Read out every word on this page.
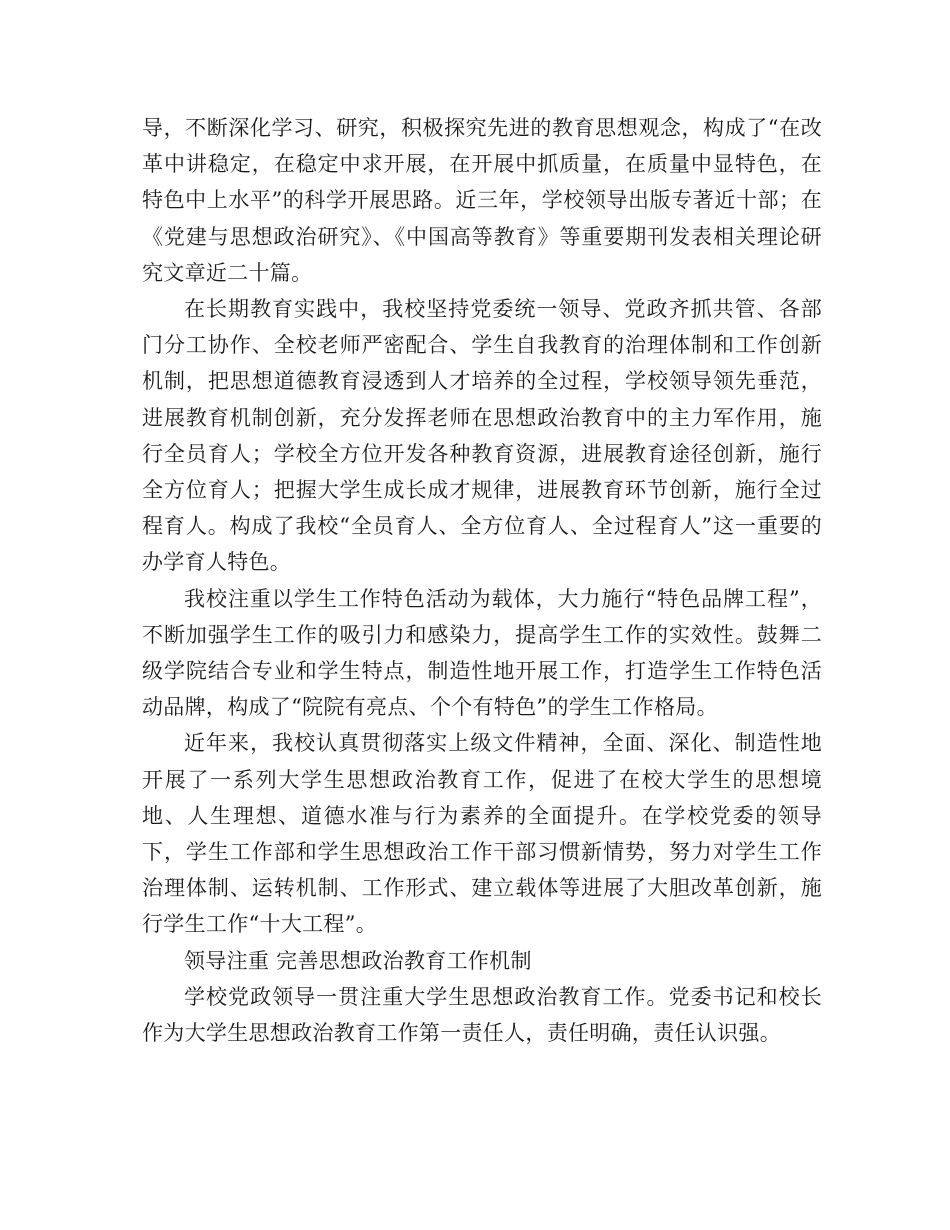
导，不断深化学习、研究，积极探究先进的教育思想观念，构成了“在改革中讲稳定，在稳定中求开展，在开展中抓质量，在质量中显特色，在特色中上水平”的科学开展思路。近三年，学校领导出版专著近十部；在《党建与思想政治研究》、《中国高等教育》等重要期刊发表相关理论研究文章近二十篇。

在长期教育实践中，我校坚持党委统一领导、党政齐抓共管、各部门分工协作、全校老师严密配合、学生自我教育的治理体制和工作创新机制，把思想道德教育浸透到人才培养的全过程，学校领导领先垂范，进展教育机制创新，充分发挥老师在思想政治教育中的主力军作用，施行全员育人；学校全方位开发各种教育资源，进展教育途径创新，施行全方位育人；把握大学生成长成才规律，进展教育环节创新，施行全过程育人。构成了我校“全员育人、全方位育人、全过程育人”这一重要的办学育人特色。

我校注重以学生工作特色活动为载体，大力施行“特色品牌工程”，不断加强学生工作的吸引力和感染力，提高学生工作的实效性。鼓舞二级学院结合专业和学生特点，制造性地开展工作，打造学生工作特色活动品牌，构成了“院院有亮点、个个有特色”的学生工作格局。

近年来，我校认真贯彻落实上级文件精神，全面、深化、制造性地开展了一系列大学生思想政治教育工作，促进了在校大学生的思想境地、人生理想、道德水准与行为素养的全面提升。在学校党委的领导下，学生工作部和学生思想政治工作干部习惯新情势，努力对学生工作治理体制、运转机制、工作形式、建立载体等进展了大胆改革创新，施行学生工作“十大工程”。

领导注重 完善思想政治教育工作机制

学校党政领导一贯注重大学生思想政治教育工作。党委书记和校长作为大学生思想政治教育工作第一责任人，责任明确，责任认识强。
